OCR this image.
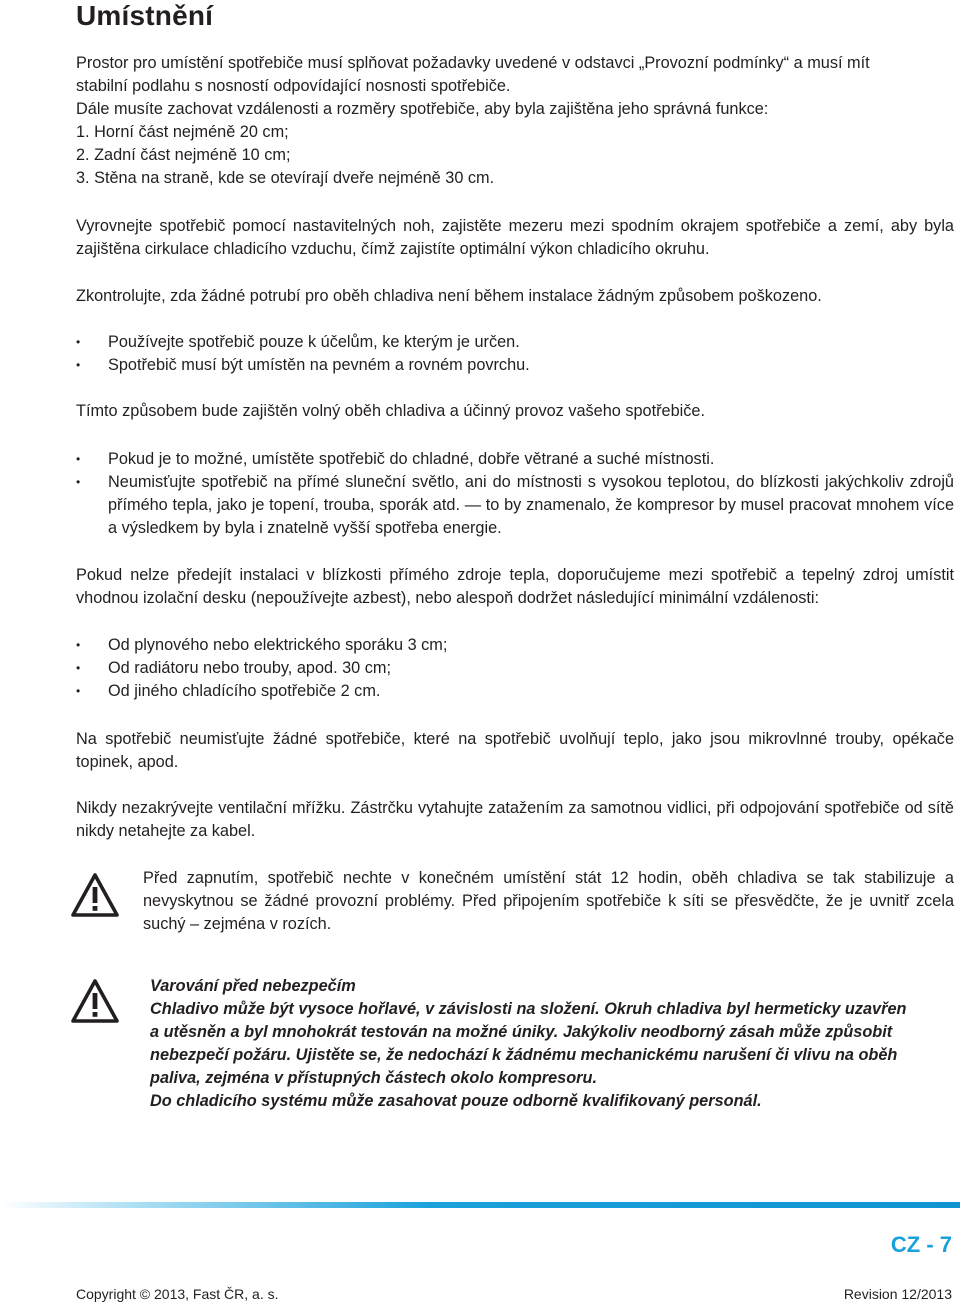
Umístnění
Prostor pro umístění spotřebiče musí splňovat požadavky uvedené v odstavci „Provozní podmínky“ a musí mít
stabilní podlahu s nosností odpovídající nosnosti spotřebiče.
Dále musíte zachovat vzdálenosti a rozměry spotřebiče, aby byla zajištěna jeho správná funkce:
1. Horní část nejméně 20 cm;
2. Zadní část nejméně 10 cm;
3. Stěna na straně, kde se otevírají dveře nejméně 30 cm.

Vyrovnejte spotřebič pomocí nastavitelných noh, zajistěte mezeru mezi spodním okrajem spotřebiče a zemí, aby byla zajištěna cirkulace chladicího vzduchu, čímž zajistíte optimální výkon chladicího okruhu.

Zkontrolujte, zda žádné potrubí pro oběh chladiva není během instalace žádným způsobem poškozeno.

• Používejte spotřebič pouze k účelům, ke kterým je určen.
• Spotřebič musí být umístěn na pevném a rovném povrchu.

Tímto způsobem bude zajištěn volný oběh chladiva a účinný provoz vašeho spotřebiče.

• Pokud je to možné, umístěte spotřebič do chladné, dobře větrané a suché místnosti.
• Neumisťujte spotřebič na přímé sluneční světlo, ani do místnosti s vysokou teplotou, do blízkosti jakýchkoliv zdrojů přímého tepla, jako je topení, trouba, sporák atd. — to by znamenalo, že kompresor by musel pracovat mnohem více a výsledkem by byla i znatelně vyšší spotřeba energie.

Pokud nelze předejít instalaci v blízkosti přímého zdroje tepla, doporučujeme mezi spotřebič a tepelný zdroj umístit vhodnou izolační desku (nepoužívejte azbest), nebo alespoň dodržet následující minimální vzdálenosti:

• Od plynového nebo elektrického sporáku 3 cm;
• Od radiátoru nebo trouby, apod. 30 cm;
• Od jiného chladícího spotřebiče 2 cm.

Na spotřebič neumisťujte žádné spotřebiče, které na spotřebič uvolňují teplo, jako jsou mikrovlnné trouby, opékače topinek, apod.

Nikdy nezakrývejte ventilační mřížku. Zástrčku vytahujte zatažením za samotnou vidlici, při odpojování spotřebiče od sítě nikdy netahejte za kabel.

Před zapnutím, spotřebič nechte v konečném umístění stát 12 hodin, oběh chladiva se tak stabilizuje a nevyskytnou se žádné provozní problémy. Před připojením spotřebiče k síti se přesvědčte, že je uvnitř zcela suchý – zejména v rozích.

Varování před nebezpečím
Chladivo může být vysoce hořlavé, v závislosti na složení. Okruh chladiva byl hermeticky uzavřen
a utěsněn a byl mnohokrát testován na možné úniky. Jakýkoliv neodborný zásah může způsobit
nebezpečí požáru. Ujistěte se, že nedochází k žádnému mechanickému narušení či vlivu na oběh
paliva, zejména v přístupných částech okolo kompresoru.
Do chladicího systému může zasahovat pouze odborně kvalifikovaný personál.

CZ - 7

Copyright © 2013, Fast ČR, a. s.	Revision 12/2013
